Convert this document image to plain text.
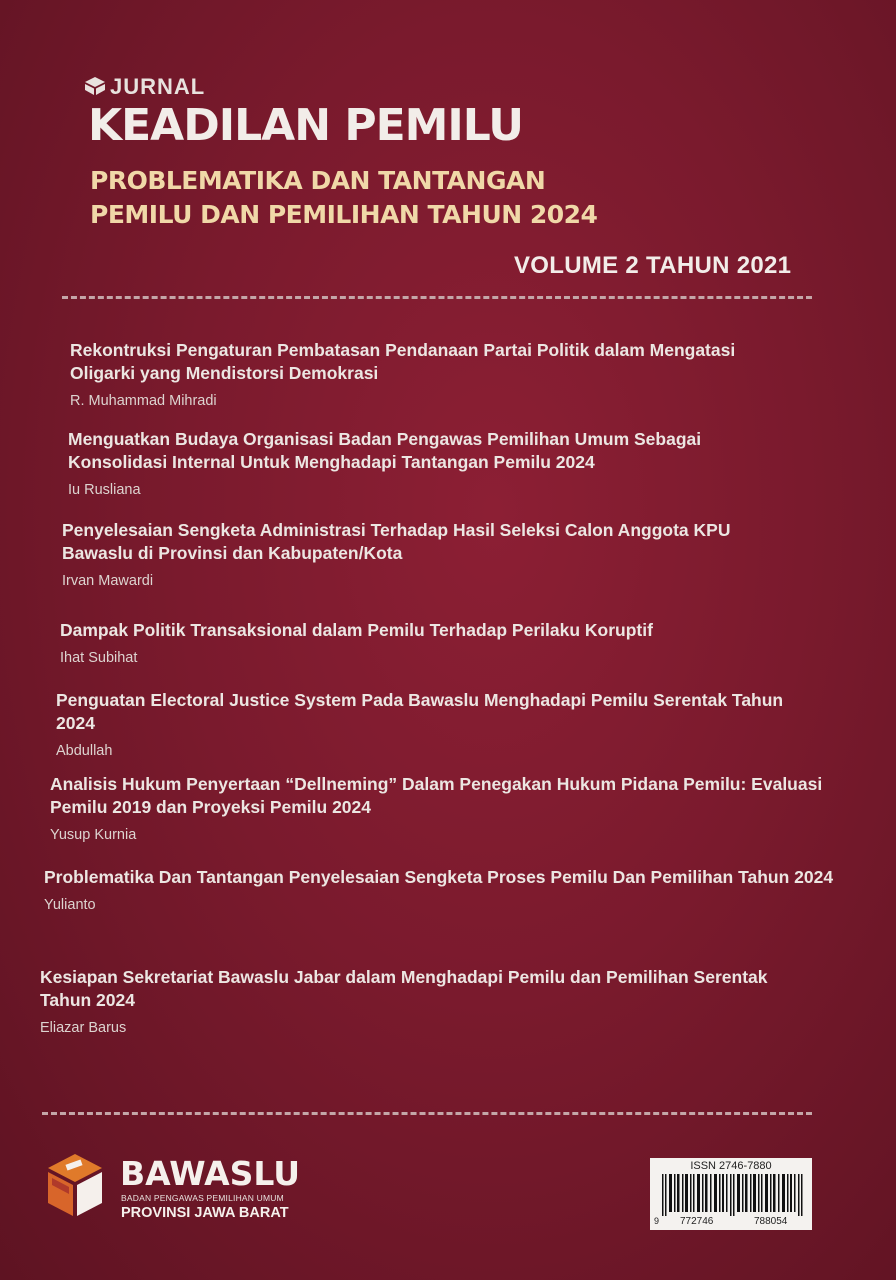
JURNAL
KEADILAN PEMILU
PROBLEMATIKA DAN TANTANGAN
PEMILU DAN PEMILIHAN TAHUN 2024
VOLUME 2 TAHUN 2021

Rekontruksi Pengaturan Pembatasan Pendanaan Partai Politik dalam Mengatasi Oligarki yang Mendistorsi Demokrasi

R. Muhammad Mihradi

Menguatkan Budaya Organisasi Badan Pengawas Pemilihan Umum Sebagai Konsolidasi Internal Untuk Menghadapi Tantangan Pemilu 2024

Iu Rusliana

Penyelesaian Sengketa Administrasi Terhadap Hasil Seleksi Calon Anggota KPU Bawaslu di Provinsi dan Kabupaten/Kota

Irvan Mawardi

Dampak Politik Transaksional dalam Pemilu Terhadap Perilaku Koruptif

Ihat Subihat

Penguatan Electoral Justice System Pada Bawaslu Menghadapi Pemilu Serentak Tahun 2024

Abdullah

Analisis Hukum Penyertaan “Dellneming” Dalam Penegakan Hukum Pidana Pemilu: Evaluasi Pemilu 2019 dan Proyeksi Pemilu 2024

Yusup Kurnia

Problematika Dan Tantangan Penyelesaian Sengketa Proses Pemilu Dan Pemilihan Tahun 2024

Yulianto

Kesiapan Sekretariat Bawaslu Jabar dalam Menghadapi Pemilu dan Pemilihan Serentak Tahun 2024

Eliazar Barus
BAWASLU
BADAN PENGAWAS PEMILIHAN UMUM
PROVINSI JAWA BARAT
ISSN 2746-7880
9 772746	788054
